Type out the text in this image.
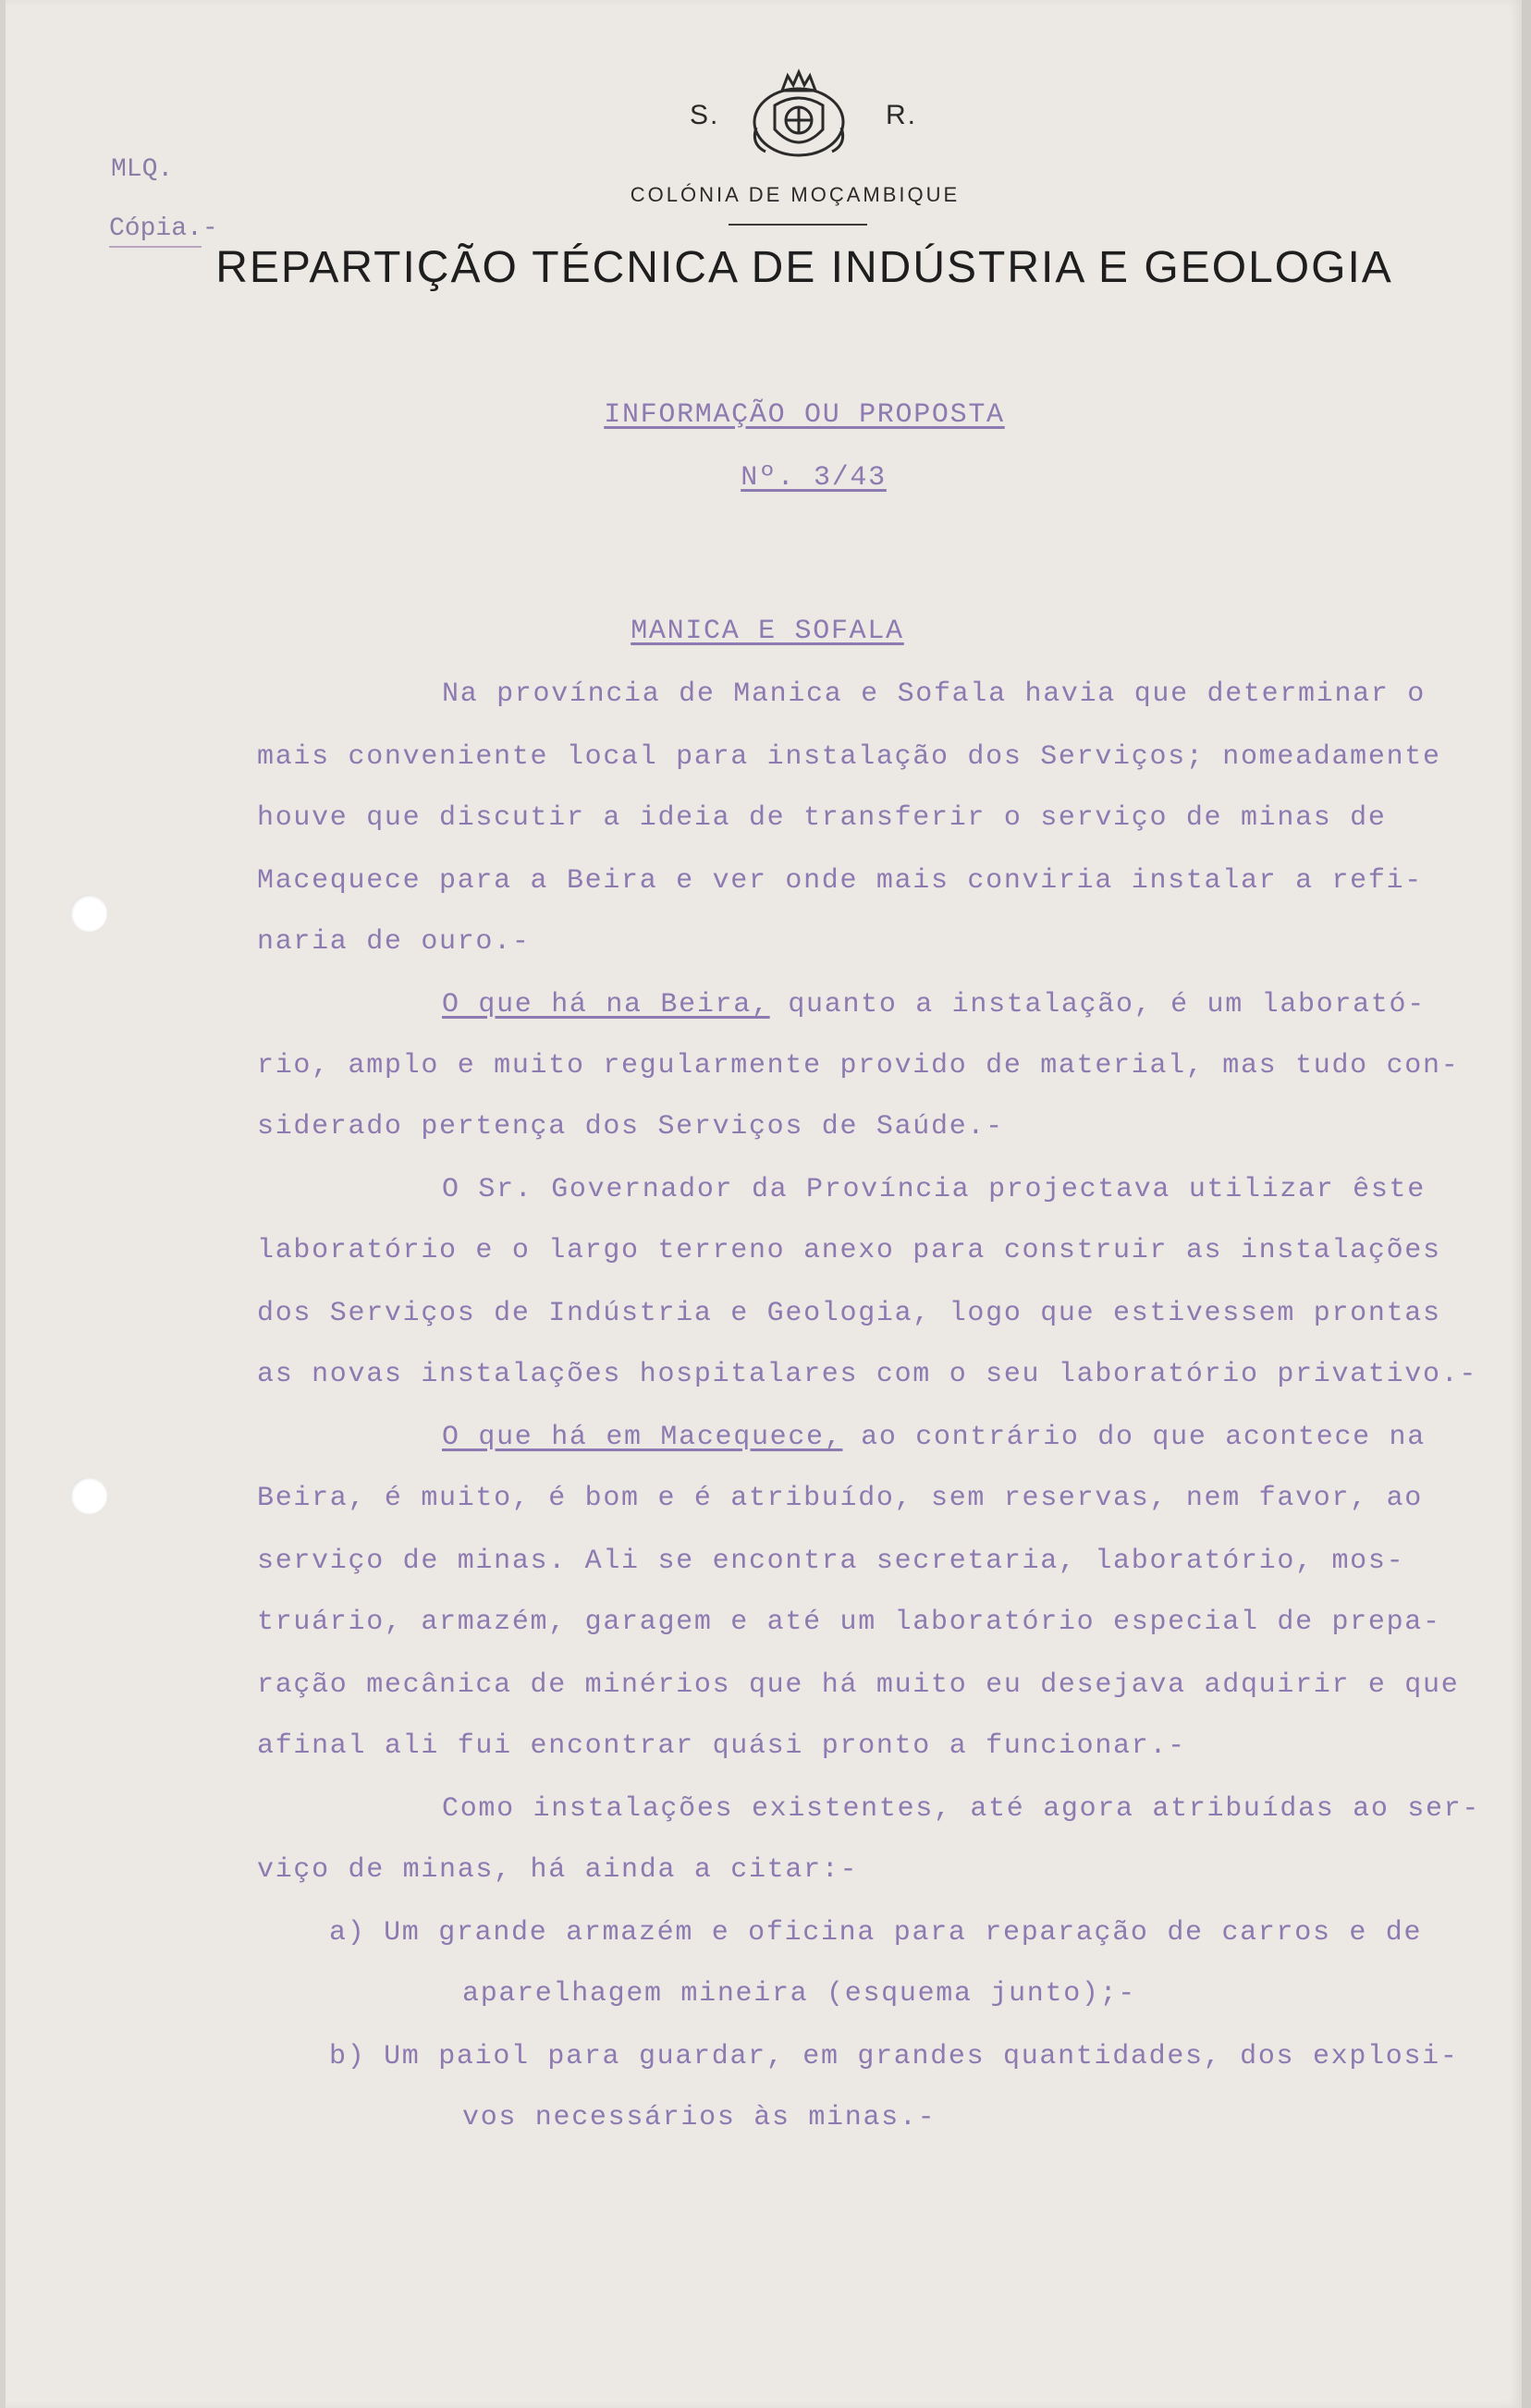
MLQ.
Cópia.-
S.	R.
COLÓNIA DE MOÇAMBIQUE
REPARTIÇÃO TÉCNICA DE INDÚSTRIA E GEOLOGIA
INFORMAÇÃO OU PROPOSTA
Nº. 3/43
MANICA E SOFALA
Na província de Manica e Sofala havia que determinar o
mais conveniente local para instalação dos Serviços; nomeadamente
houve que discutir a ideia de transferir o serviço de minas de
Macequece para a Beira e ver onde mais conviria instalar a refi-
naria de ouro.-
O que há na Beira, quanto a instalação, é um laborató-
rio, amplo e muito regularmente provido de material, mas tudo con-
siderado pertença dos Serviços de Saúde.-
O Sr. Governador da Província projectava utilizar êste
laboratório e o largo terreno anexo para construir as instalações
dos Serviços de Indústria e Geologia, logo que estivessem prontas
as novas instalações hospitalares com o seu laboratório privativo.-
O que há em Macequece, ao contrário do que acontece na
Beira, é muito, é bom e é atribuído, sem reservas, nem favor, ao
serviço de minas. Ali se encontra secretaria, laboratório, mos-
truário, armazém, garagem e até um laboratório especial de prepa-
ração mecânica de minérios que há muito eu desejava adquirir e que
afinal ali fui encontrar quási pronto a funcionar.-
Como instalações existentes, até agora atribuídas ao ser-
viço de minas, há ainda a citar:-
a) Um grande armazém e oficina para reparação de carros e de
aparelhagem mineira (esquema junto);-
b) Um paiol para guardar, em grandes quantidades, dos explosi-
vos necessários às minas.-
